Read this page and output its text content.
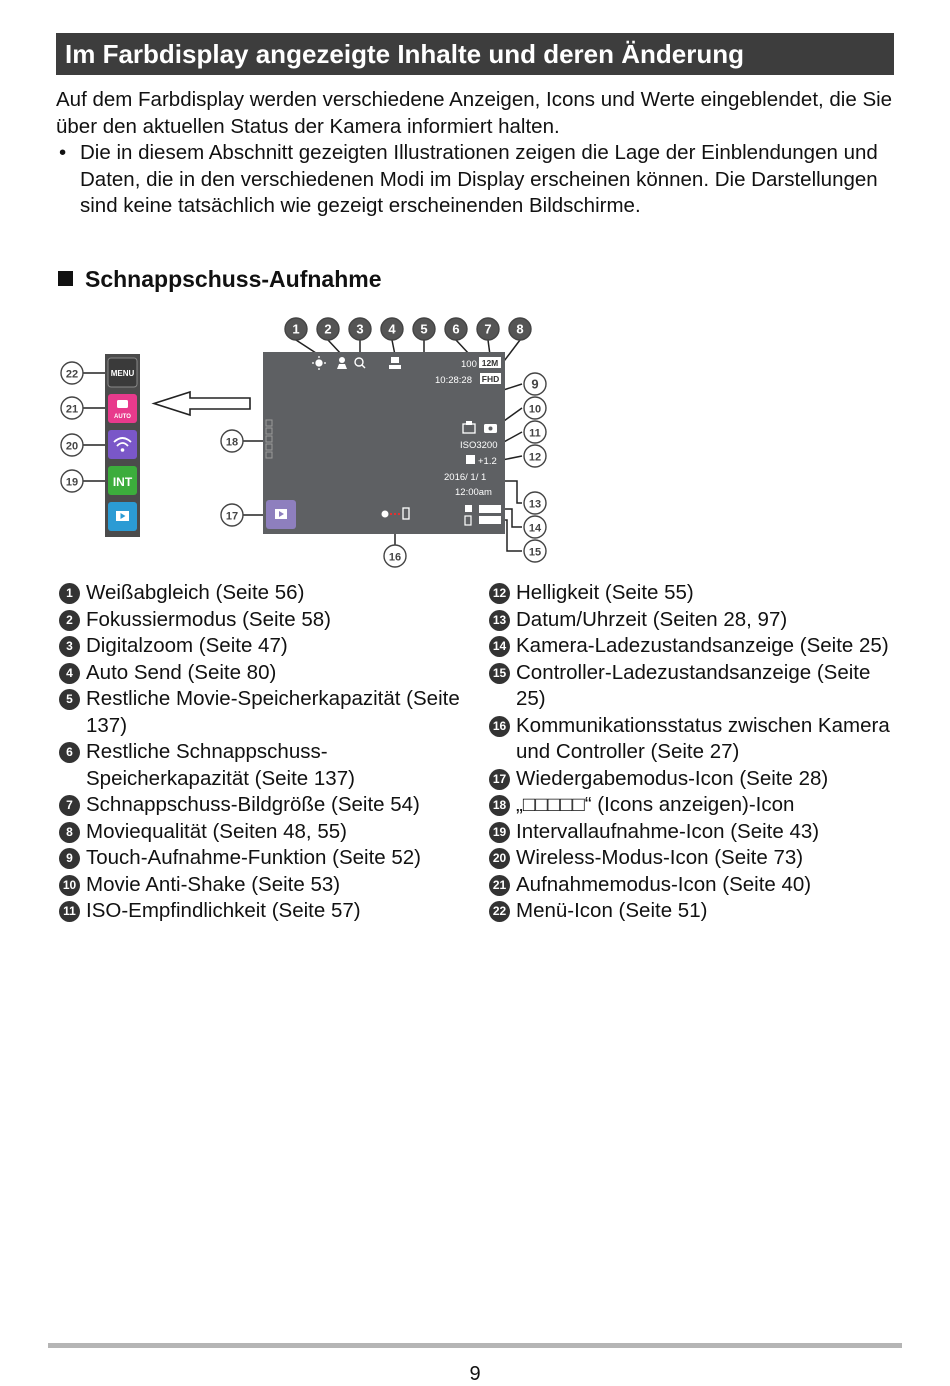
Im Farbdisplay angezeigte Inhalte und deren Änderung

Auf dem Farbdisplay werden verschiedene Anzeigen, Icons und Werte eingeblendet, die Sie über den aktuellen Status der Kamera informiert halten.

• Die in diesem Abschnitt gezeigten Illustrationen zeigen die Lage der Einblendungen und Daten, die in den verschiedenen Modi im Display erscheinen können. Die Darstellungen sind keine tatsächlich wie gezeigt erscheinenden Bildschirme.

Schnappschuss-Aufnahme
MENU
AUTO
INT
100 12M
10:28:28 FHD
ISO3200
+1.2
2016/ 1/ 1
12:00am
1 2 3 4 5 6 7 8
9
10
11
12
13
14
15
16
17
18
19
20
21
22
1 Weißabgleich (Seite 56)
2 Fokussiermodus (Seite 58)
3 Digitalzoom (Seite 47)
4 Auto Send (Seite 80)
5 Restliche Movie-Speicherkapazität (Seite 137)
6 Restliche Schnappschuss-Speicherkapazität (Seite 137)
7 Schnappschuss-Bildgröße (Seite 54)
8 Moviequalität (Seiten 48, 55)
9 Touch-Aufnahme-Funktion (Seite 52)
10 Movie Anti-Shake (Seite 53)
11 ISO-Empfindlichkeit (Seite 57)
12 Helligkeit (Seite 55)
13 Datum/Uhrzeit (Seiten 28, 97)
14 Kamera-Ladezustandsanzeige (Seite 25)
15 Controller-Ladezustandsanzeige (Seite 25)
16 Kommunikationsstatus zwischen Kamera und Controller (Seite 27)
17 Wiedergabemodus-Icon (Seite 28)
18 „□□□□□“ (Icons anzeigen)-Icon
19 Intervallaufnahme-Icon (Seite 43)
20 Wireless-Modus-Icon (Seite 73)
21 Aufnahmemodus-Icon (Seite 40)
22 Menü-Icon (Seite 51)
9
